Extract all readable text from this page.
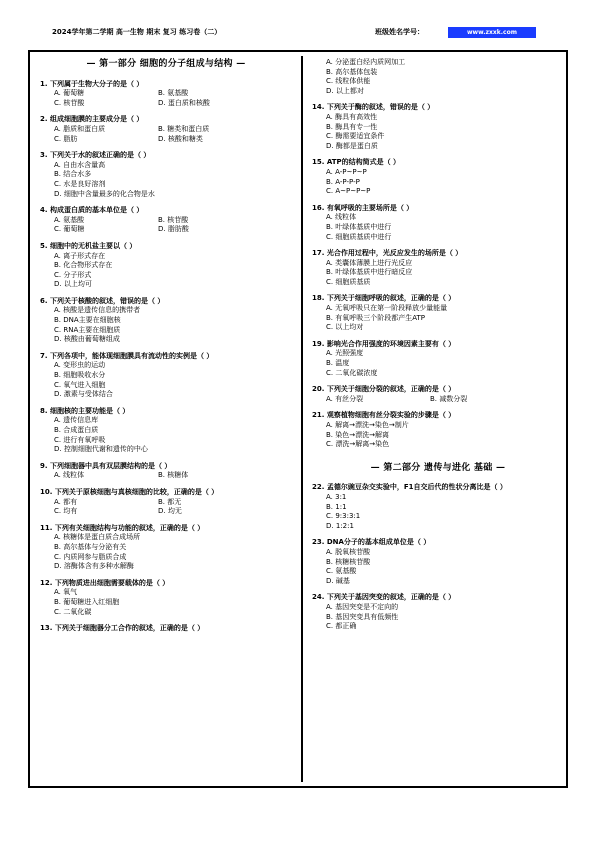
2024学年第二学期 高一生物 期末 复习 练习卷（二）	班级姓名学号：	www.zxxk.com
— 第一部分 细胞的分子组成与结构 —
1. 下列属于生物大分子的是（ ）
A. 葡萄糖	B. 氨基酸
C. 核苷酸	D. 蛋白质和核酸
2. 组成细胞膜的主要成分是（ ）
A. 脂质和蛋白质	B. 糖类和蛋白质
C. 脂肪	D. 核酸和糖类
3. 下列关于水的叙述正确的是（ ）
A. 自由水含量高
B. 结合水多
C. 水是良好溶剂
D. 细胞中含量最多的化合物是水
4. 构成蛋白质的基本单位是（ ）
A. 氨基酸	B. 核苷酸
C. 葡萄糖	D. 脂肪酸
5. 细胞中的无机盐主要以（ ）
A. 离子形式存在
B. 化合物形式存在
C. 分子形式
D. 以上均可
6. 下列关于核酸的叙述，错误的是（ ）
A. 核酸是遗传信息的携带者
B. DNA主要在细胞核
C. RNA主要在细胞质
D. 核酸由葡萄糖组成
7. 下列各项中，能体现细胞膜具有流动性的实例是（ ）
A. 变形虫的运动
B. 细胞吸收水分
C. 氧气进入细胞
D. 激素与受体结合
8. 细胞核的主要功能是（ ）
A. 遗传信息库
B. 合成蛋白质
C. 进行有氧呼吸
D. 控制细胞代谢和遗传的中心
9. 下列细胞器中具有双层膜结构的是（ ）
A. 线粒体	B. 核糖体
10. 下列关于原核细胞与真核细胞的比较，正确的是（ ）
A. 都有	B. 都无
C. 均有	D. 均无
11. 下列有关细胞结构与功能的叙述，正确的是（ ）
A. 核糖体是蛋白质合成场所
B. 高尔基体与分泌有关
C. 内质网参与脂质合成
D. 溶酶体含有多种水解酶
12. 下列物质进出细胞需要载体的是（ ）
A. 氧气
B. 葡萄糖进入红细胞
C. 二氧化碳
13. 下列关于细胞器分工合作的叙述，正确的是（ ）
A. 分泌蛋白经内质网加工
B. 高尔基体包装
C. 线粒体供能
D. 以上都对
14. 下列关于酶的叙述，错误的是（ ）
A. 酶具有高效性
B. 酶具有专一性
C. 酶需要适宜条件
D. 酶都是蛋白质
15. ATP的结构简式是（ ）
A. A-P~P~P
B. A-P-P-P
C. A~P~P~P
16. 有氧呼吸的主要场所是（ ）
A. 线粒体
B. 叶绿体基质中进行
C. 细胞质基质中进行
17. 光合作用过程中，光反应发生的场所是（ ）
A. 类囊体薄膜上进行光反应
B. 叶绿体基质中进行暗反应
C. 细胞质基质
18. 下列关于细胞呼吸的叙述，正确的是（ ）
A. 无氧呼吸只在第一阶段释放少量能量
B. 有氧呼吸三个阶段都产生ATP
C. 以上均对
19. 影响光合作用强度的环境因素主要有（ ）
A. 光照强度
B. 温度
C. 二氧化碳浓度
20. 下列关于细胞分裂的叙述，正确的是（ ）
A. 有丝分裂	B. 减数分裂
21. 观察植物细胞有丝分裂实验的步骤是（ ）
A. 解离→漂洗→染色→制片
B. 染色→漂洗→解离
C. 漂洗→解离→染色
— 第二部分 遗传与进化 基础 —
22. 孟德尔豌豆杂交实验中，F1自交后代的性状分离比是（ ）
A. 3:1
B. 1:1
C. 9:3:3:1
D. 1:2:1
23. DNA分子的基本组成单位是（ ）
A. 脱氧核苷酸
B. 核糖核苷酸
C. 氨基酸
D. 碱基
24. 下列关于基因突变的叙述，正确的是（ ）
A. 基因突变是不定向的
B. 基因突变具有低频性
C. 都正确
